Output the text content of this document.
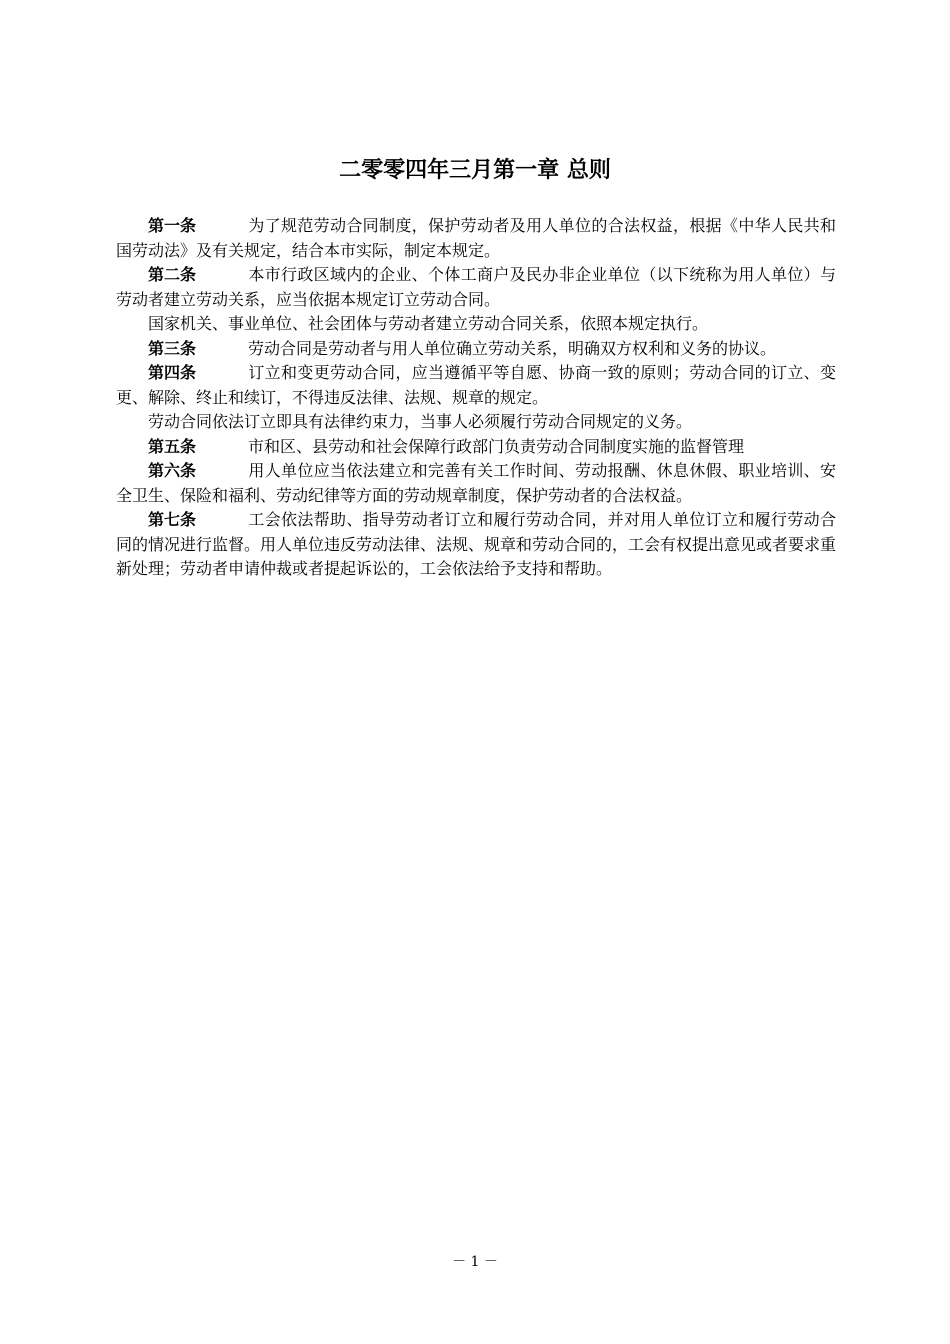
二零零四年三月第一章 总则

第一条	为了规范劳动合同制度，保护劳动者及用人单位的合法权益，根据《中华人民共和国劳动法》及有关规定，结合本市实际，制定本规定。

第二条	本市行政区域内的企业、个体工商户及民办非企业单位（以下统称为用人单位）与劳动者建立劳动关系，应当依据本规定订立劳动合同。

国家机关、事业单位、社会团体与劳动者建立劳动合同关系，依照本规定执行。

第三条	劳动合同是劳动者与用人单位确立劳动关系，明确双方权利和义务的协议。

第四条	订立和变更劳动合同，应当遵循平等自愿、协商一致的原则；劳动合同的订立、变更、解除、终止和续订，不得违反法律、法规、规章的规定。

劳动合同依法订立即具有法律约束力，当事人必须履行劳动合同规定的义务。

第五条	市和区、县劳动和社会保障行政部门负责劳动合同制度实施的监督管理

第六条	用人单位应当依法建立和完善有关工作时间、劳动报酬、休息休假、职业培训、安全卫生、保险和福利、劳动纪律等方面的劳动规章制度，保护劳动者的合法权益。

第七条	工会依法帮助、指导劳动者订立和履行劳动合同，并对用人单位订立和履行劳动合同的情况进行监督。用人单位违反劳动法律、法规、规章和劳动合同的，工会有权提出意见或者要求重新处理；劳动者申请仲裁或者提起诉讼的，工会依法给予支持和帮助。

－ 1 －
